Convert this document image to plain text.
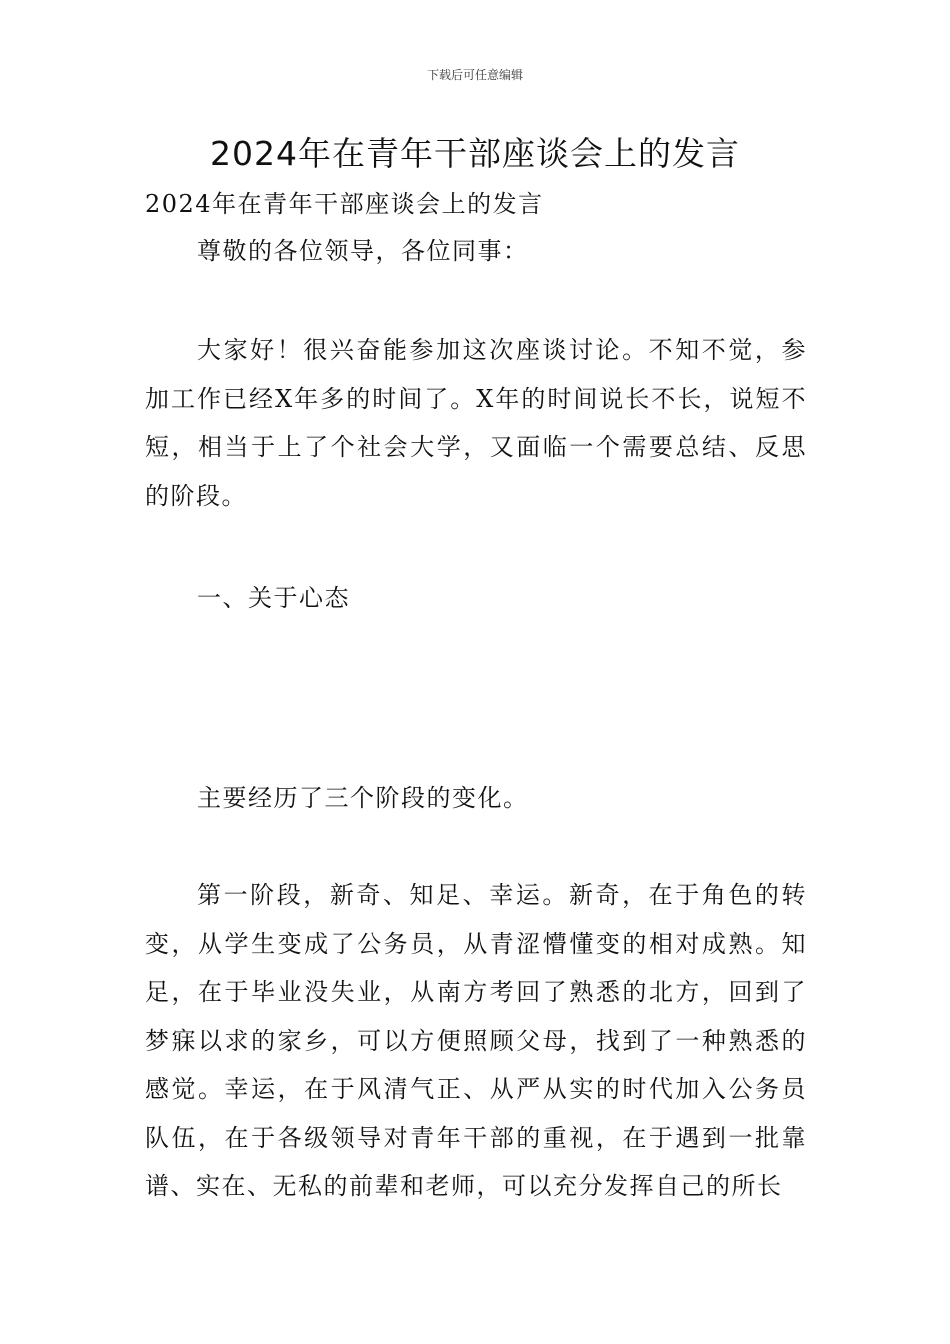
下载后可任意编辑
2024年在青年干部座谈会上的发言

2024年在青年干部座谈会上的发言

尊敬的各位领导，各位同事：

大家好！很兴奋能参加这次座谈讨论。不知不觉，参加工作已经X年多的时间了。X年的时间说长不长，说短不短，相当于上了个社会大学，又面临一个需要总结、反思的阶段。

一、关于心态

主要经历了三个阶段的变化。

第一阶段，新奇、知足、幸运。新奇，在于角色的转变，从学生变成了公务员，从青涩懵懂变的相对成熟。知足，在于毕业没失业，从南方考回了熟悉的北方，回到了梦寐以求的家乡，可以方便照顾父母，找到了一种熟悉的感觉。幸运，在于风清气正、从严从实的时代加入公务员队伍，在于各级领导对青年干部的重视，在于遇到一批靠谱、实在、无私的前辈和老师，可以充分发挥自己的所长
